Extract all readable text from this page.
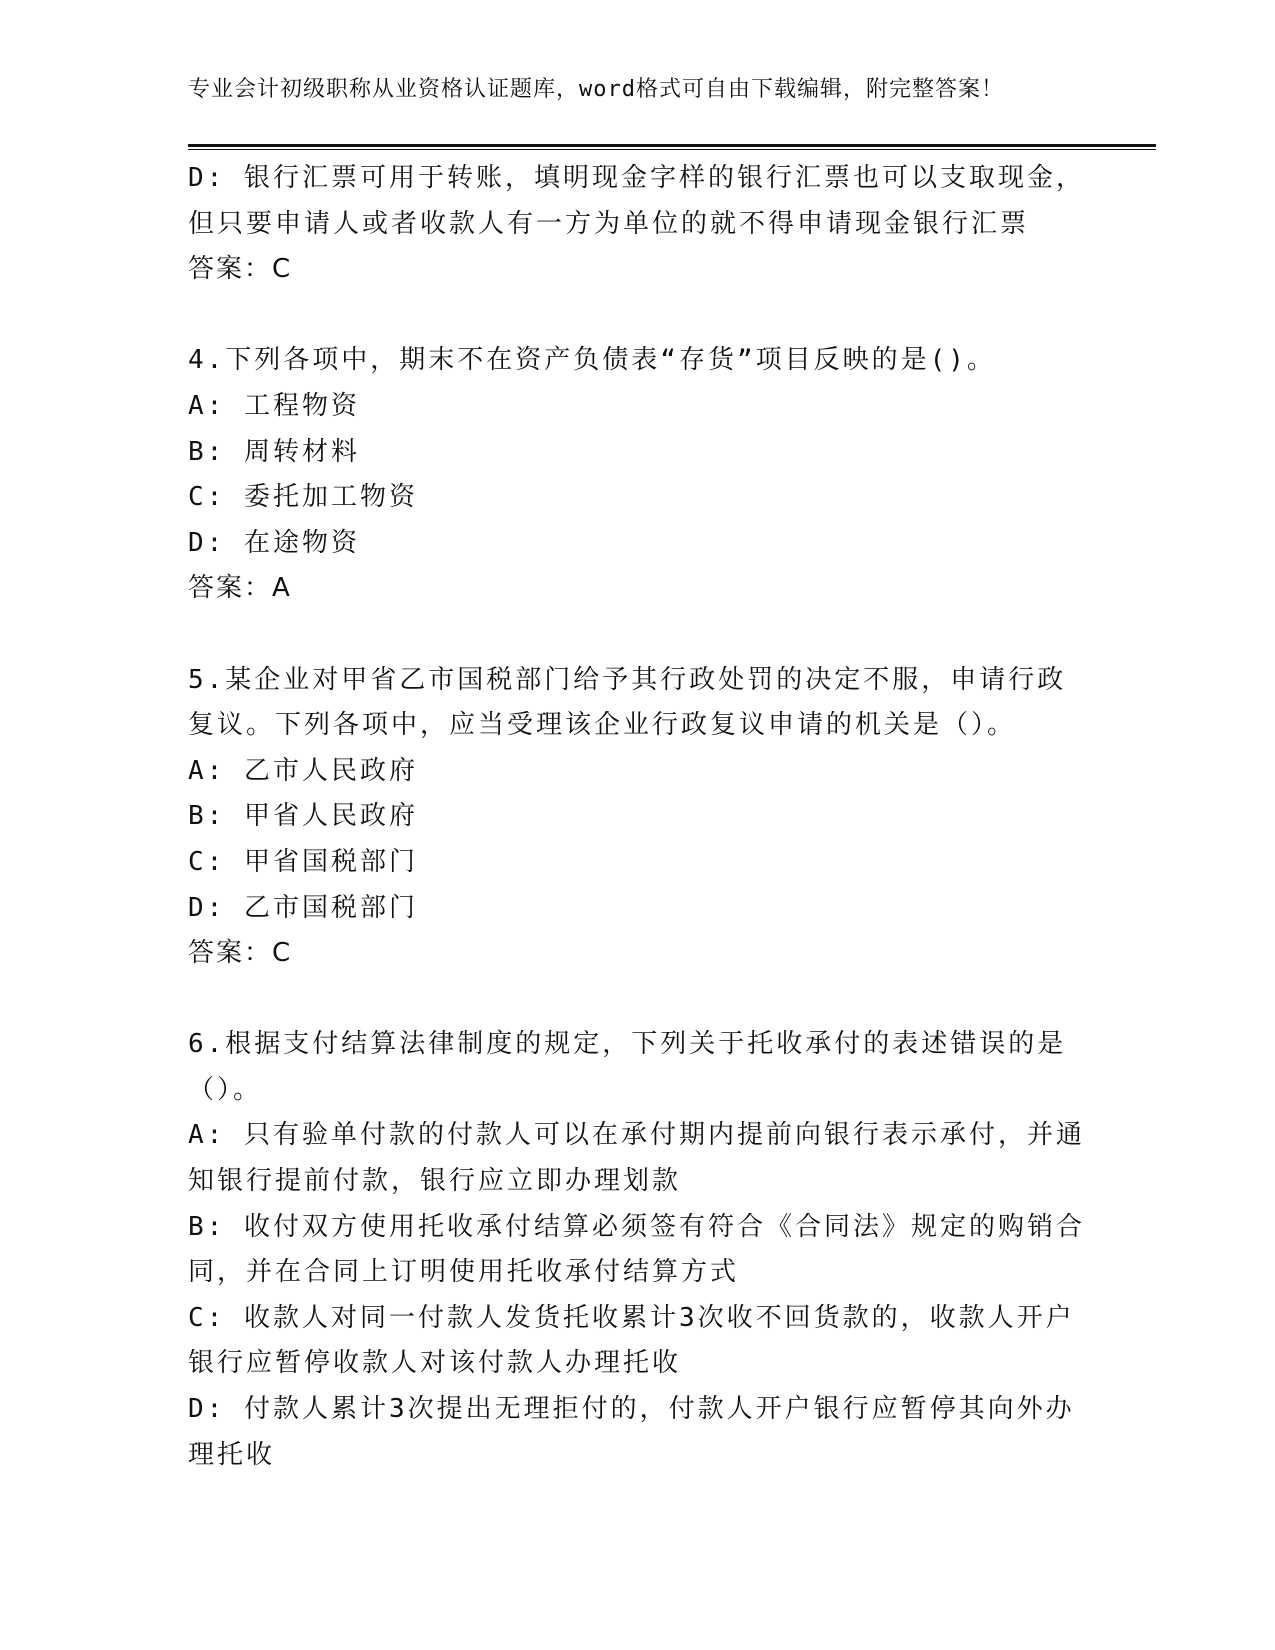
专业会计初级职称从业资格认证题库，word格式可自由下载编辑，附完整答案！
D: 银行汇票可用于转账，填明现金字样的银行汇票也可以支取现金，
但只要申请人或者收款人有一方为单位的就不得申请现金银行汇票
答案：C
4.下列各项中，期末不在资产负债表“存货”项目反映的是()。
A: 工程物资
B: 周转材料
C: 委托加工物资
D: 在途物资
答案：A
5.某企业对甲省乙市国税部门给予其行政处罚的决定不服，申请行政
复议。下列各项中，应当受理该企业行政复议申请的机关是（）。
A: 乙市人民政府
B: 甲省人民政府
C: 甲省国税部门
D: 乙市国税部门
答案：C
6.根据支付结算法律制度的规定，下列关于托收承付的表述错误的是
（）。
A: 只有验单付款的付款人可以在承付期内提前向银行表示承付，并通
知银行提前付款，银行应立即办理划款
B: 收付双方使用托收承付结算必须签有符合《合同法》规定的购销合
同，并在合同上订明使用托收承付结算方式
C: 收款人对同一付款人发货托收累计3次收不回货款的，收款人开户
银行应暂停收款人对该付款人办理托收
D: 付款人累计3次提出无理拒付的，付款人开户银行应暂停其向外办
理托收
